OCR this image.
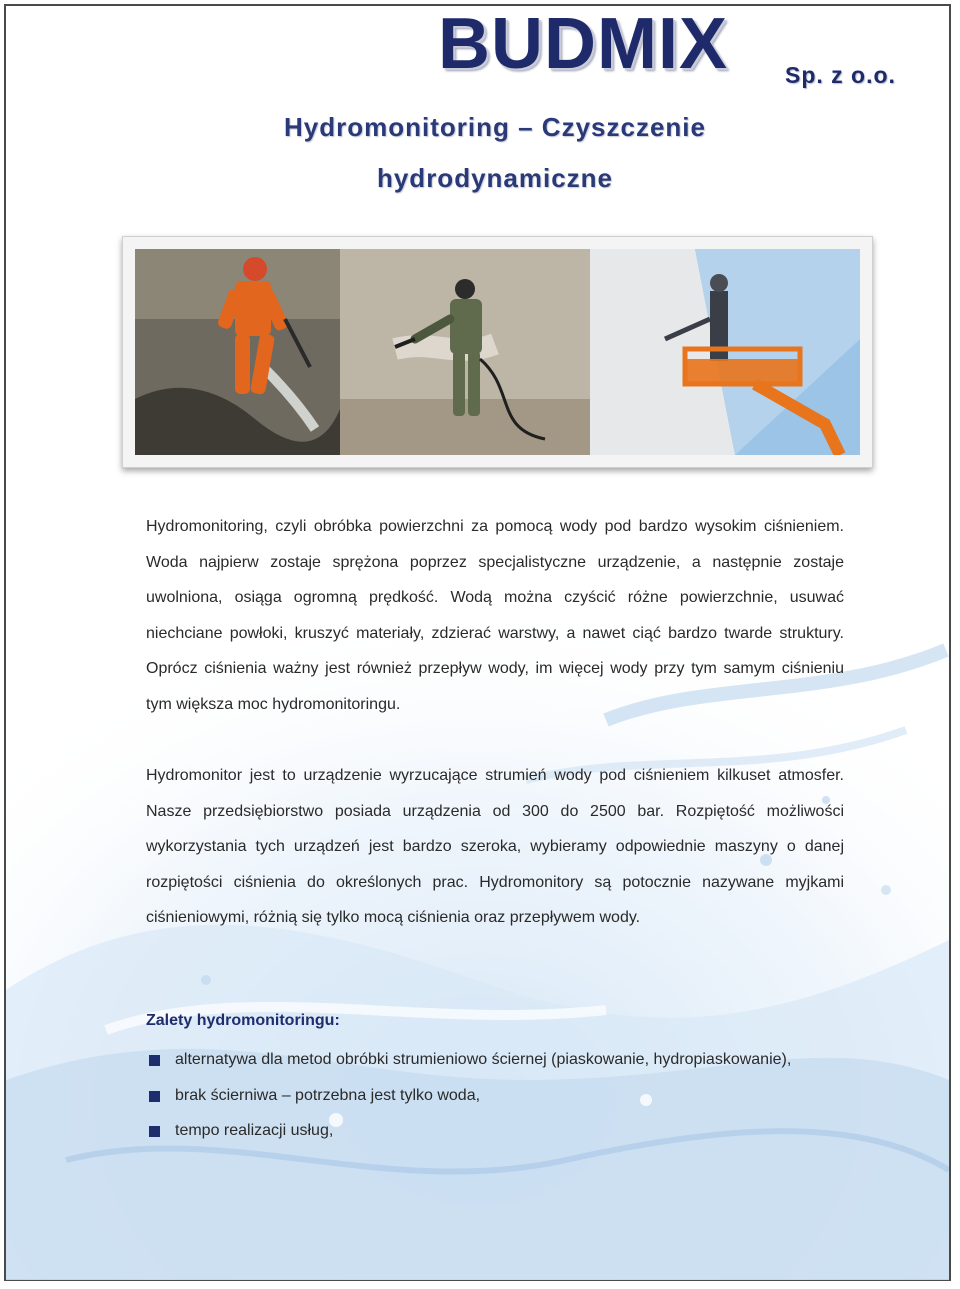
BUDMIX Sp. z o.o.
Hydromonitoring – Czyszczenie
hydrodynamiczne

Hydromonitoring, czyli obróbka powierzchni za pomocą wody pod bardzo wysokim ciśnieniem. Woda najpierw zostaje sprężona poprzez specjalistyczne urządzenie, a następnie zostaje uwolniona, osiąga ogromną prędkość. Wodą można czyścić różne powierzchnie, usuwać niechciane powłoki, kruszyć materiały, zdzierać warstwy, a nawet ciąć bardzo twarde struktury. Oprócz ciśnienia ważny jest również przepływ wody, im więcej wody przy tym samym ciśnieniu tym większa moc hydromonitoringu.

Hydromonitor jest to urządzenie wyrzucające strumień wody pod ciśnieniem kilkuset atmosfer. Nasze przedsiębiorstwo posiada urządzenia od 300 do 2500 bar. Rozpiętość możliwości wykorzystania tych urządzeń jest bardzo szeroka, wybieramy odpowiednie maszyny o danej rozpiętości ciśnienia do określonych prac. Hydromonitory są potocznie nazywane myjkami ciśnieniowymi, różnią się tylko mocą ciśnienia oraz przepływem wody.

Zalety hydromonitoringu:
alternatywa dla metod obróbki strumieniowo ściernej (piaskowanie, hydropiaskowanie),
brak ścierniwa – potrzebna jest tylko woda,
tempo realizacji usług,
